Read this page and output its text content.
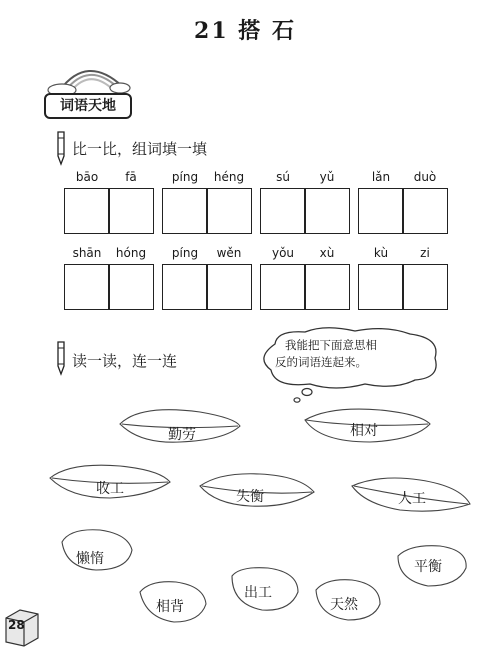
21 搭 石
词语天地
比一比，组词填一填
bāo	fā	píng	héng	sú	yǔ	lǎn	duò
shān	hóng	píng	wěn	yǒu	xù	kù	zi
读一读，连一连
我能把下面意思相
反的词语连起来。
勤劳	相对
收工	失衡	人工
懒惰	平衡
出工
相背	天然
28
